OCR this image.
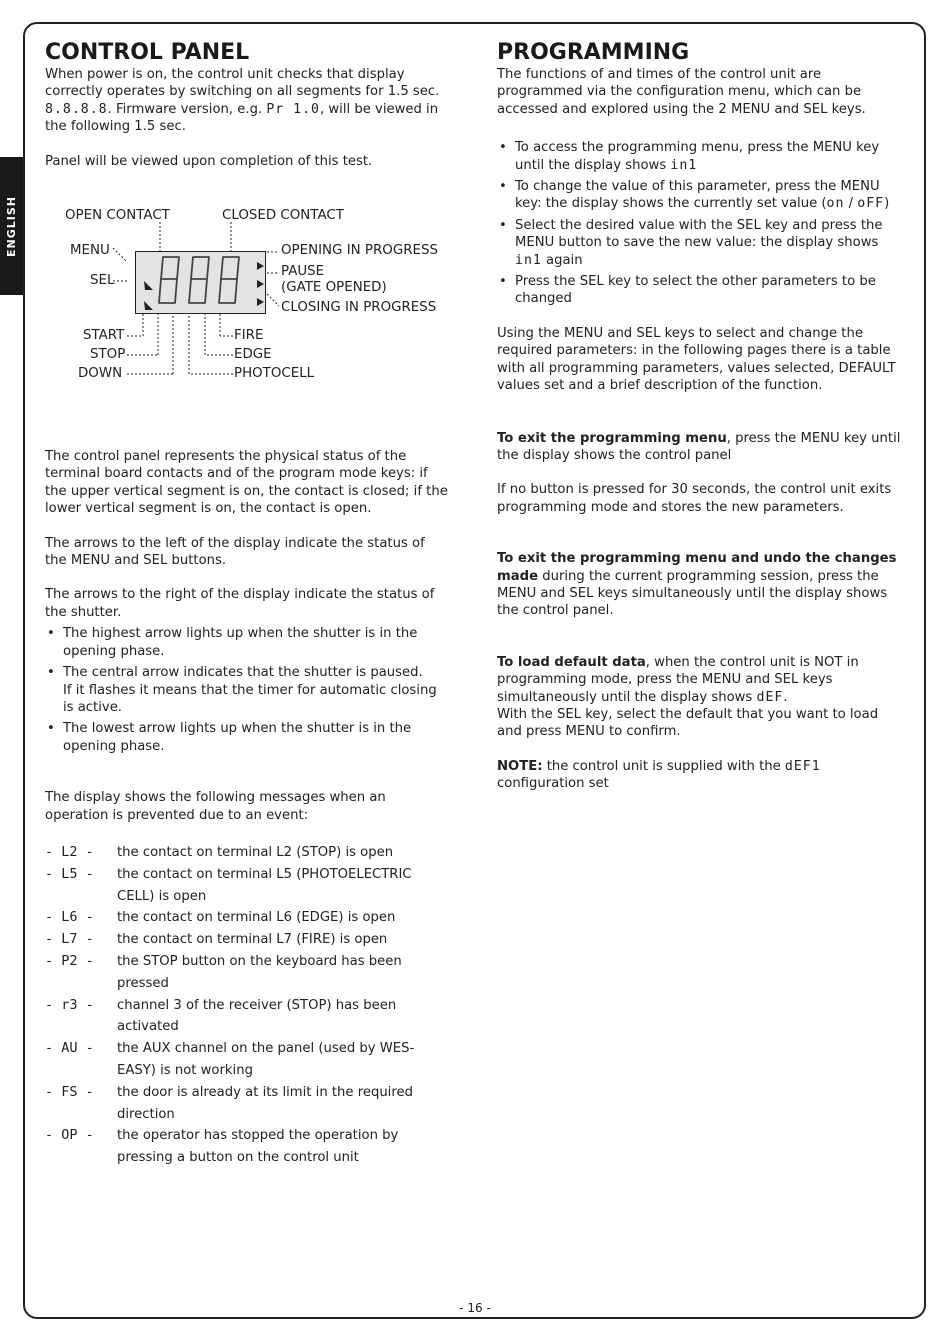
ENGLISH
CONTROL PANEL

When power is on, the control unit checks that display correctly operates by switching on all segments for 1.5 sec. 8.8.8.8. Firmware version, e.g. Pr 1.0, will be viewed in the following 1.5 sec.

Panel will be viewed upon completion of this test.

OPEN CONTACT	CLOSED CONTACT
MENU
SEL
OPENING IN PROGRESS
PAUSE
(GATE OPENED)
CLOSING IN PROGRESS
START
STOP
DOWN
FIRE
EDGE
PHOTOCELL

The control panel represents the physical status of the terminal board contacts and of the program mode keys: if the upper vertical segment is on, the contact is closed; if the lower vertical segment is on, the contact is open.

The arrows to the left of the display indicate the status of the MENU and SEL buttons.

The arrows to the right of the display indicate the status of the shutter.

• The highest arrow lights up when the shutter is in the opening phase.
• The central arrow indicates that the shutter is paused.
If it flashes it means that the timer for automatic closing is active.
• The lowest arrow lights up when the shutter is in the opening phase.

The display shows the following messages when an operation is prevented due to an event:

- L2 -	the contact on terminal L2 (STOP) is open
- L5 -	the contact on terminal L5 (PHOTOELECTRIC CELL) is open
- L6 -	the contact on terminal L6 (EDGE) is open
- L7 -	the contact on terminal L7 (FIRE) is open
- P2 -	the STOP button on the keyboard has been pressed
- r3 -	channel 3 of the receiver (STOP) has been activated
- AU -	the AUX channel on the panel (used by WES-EASY) is not working
- FS -	the door is already at its limit in the required direction
- OP -	the operator has stopped the operation by pressing a button on the control unit
PROGRAMMING

The functions of and times of the control unit are programmed via the configuration menu, which can be accessed and explored using the 2 MENU and SEL keys.

• To access the programming menu, press the MENU key until the display shows in1
• To change the value of this parameter, press the MENU key: the display shows the currently set value (on / oFF)
• Select the desired value with the SEL key and press the MENU button to save the new value: the display shows in1 again
• Press the SEL key to select the other parameters to be changed

Using the MENU and SEL keys to select and change the required parameters: in the following pages there is a table with all programming parameters, values selected, DEFAULT values set and a brief description of the function.

To exit the programming menu, press the MENU key until the display shows the control panel

If no button is pressed for 30 seconds, the control unit exits programming mode and stores the new parameters.

To exit the programming menu and undo the changes made during the current programming session, press the MENU and SEL keys simultaneously until the display shows the control panel.

To load default data, when the control unit is NOT in programming mode, press the MENU and SEL keys simultaneously until the display shows dEF.
With the SEL key, select the default that you want to load and press MENU to confirm.

NOTE: the control unit is supplied with the dEF1 configuration set

- 16 -
